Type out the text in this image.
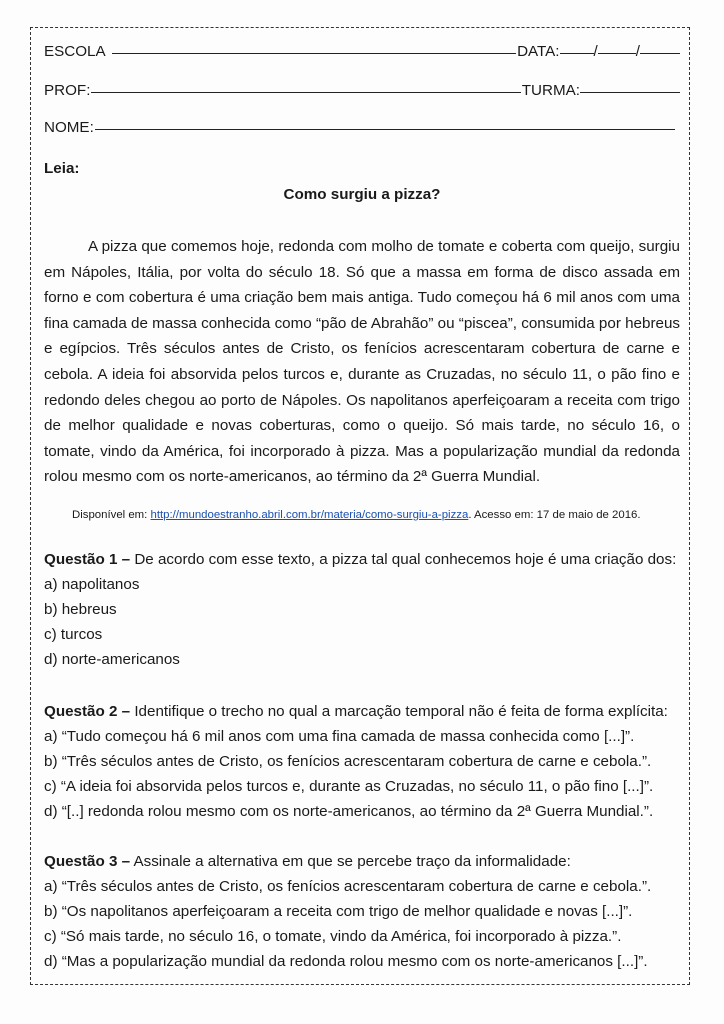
ESCOLA	DATA: /	/
PROF:	TURMA:
NOME:
Leia:
Como surgiu a pizza?

A pizza que comemos hoje, redonda com molho de tomate e coberta com queijo, surgiu em Nápoles, Itália, por volta do século 18. Só que a massa em forma de disco assada em forno e com cobertura é uma criação bem mais antiga. Tudo começou há 6 mil anos com uma fina camada de massa conhecida como “pão de Abrahão” ou “piscea”, consumida por hebreus e egípcios. Três séculos antes de Cristo, os fenícios acrescentaram cobertura de carne e cebola. A ideia foi absorvida pelos turcos e, durante as Cruzadas, no século 11, o pão fino e redondo deles chegou ao porto de Nápoles. Os napolitanos aperfeiçoaram a receita com trigo de melhor qualidade e novas coberturas, como o queijo. Só mais tarde, no século 16, o tomate, vindo da América, foi incorporado à pizza. Mas a popularização mundial da redonda rolou mesmo com os norte-americanos, ao término da 2ª Guerra Mundial.

Disponível em: http://mundoestranho.abril.com.br/materia/como-surgiu-a-pizza. Acesso em: 17 de maio de 2016.
Questão 1 – De acordo com esse texto, a pizza tal qual conhecemos hoje é uma criação dos:
a) napolitanos
b) hebreus
c) turcos
d) norte-americanos
Questão 2 – Identifique o trecho no qual a marcação temporal não é feita de forma explícita:
a) “Tudo começou há 6 mil anos com uma fina camada de massa conhecida como [...]”.
b) “Três séculos antes de Cristo, os fenícios acrescentaram cobertura de carne e cebola.”.
c) “A ideia foi absorvida pelos turcos e, durante as Cruzadas, no século 11, o pão fino [...]”.
d) “[..] redonda rolou mesmo com os norte-americanos, ao término da 2ª Guerra Mundial.”.
Questão 3 – Assinale a alternativa em que se percebe traço da informalidade:
a) “Três séculos antes de Cristo, os fenícios acrescentaram cobertura de carne e cebola.”.
b) “Os napolitanos aperfeiçoaram a receita com trigo de melhor qualidade e novas [...]”.
c) “Só mais tarde, no século 16, o tomate, vindo da América, foi incorporado à pizza.”.
d) “Mas a popularização mundial da redonda rolou mesmo com os norte-americanos [...]”.
